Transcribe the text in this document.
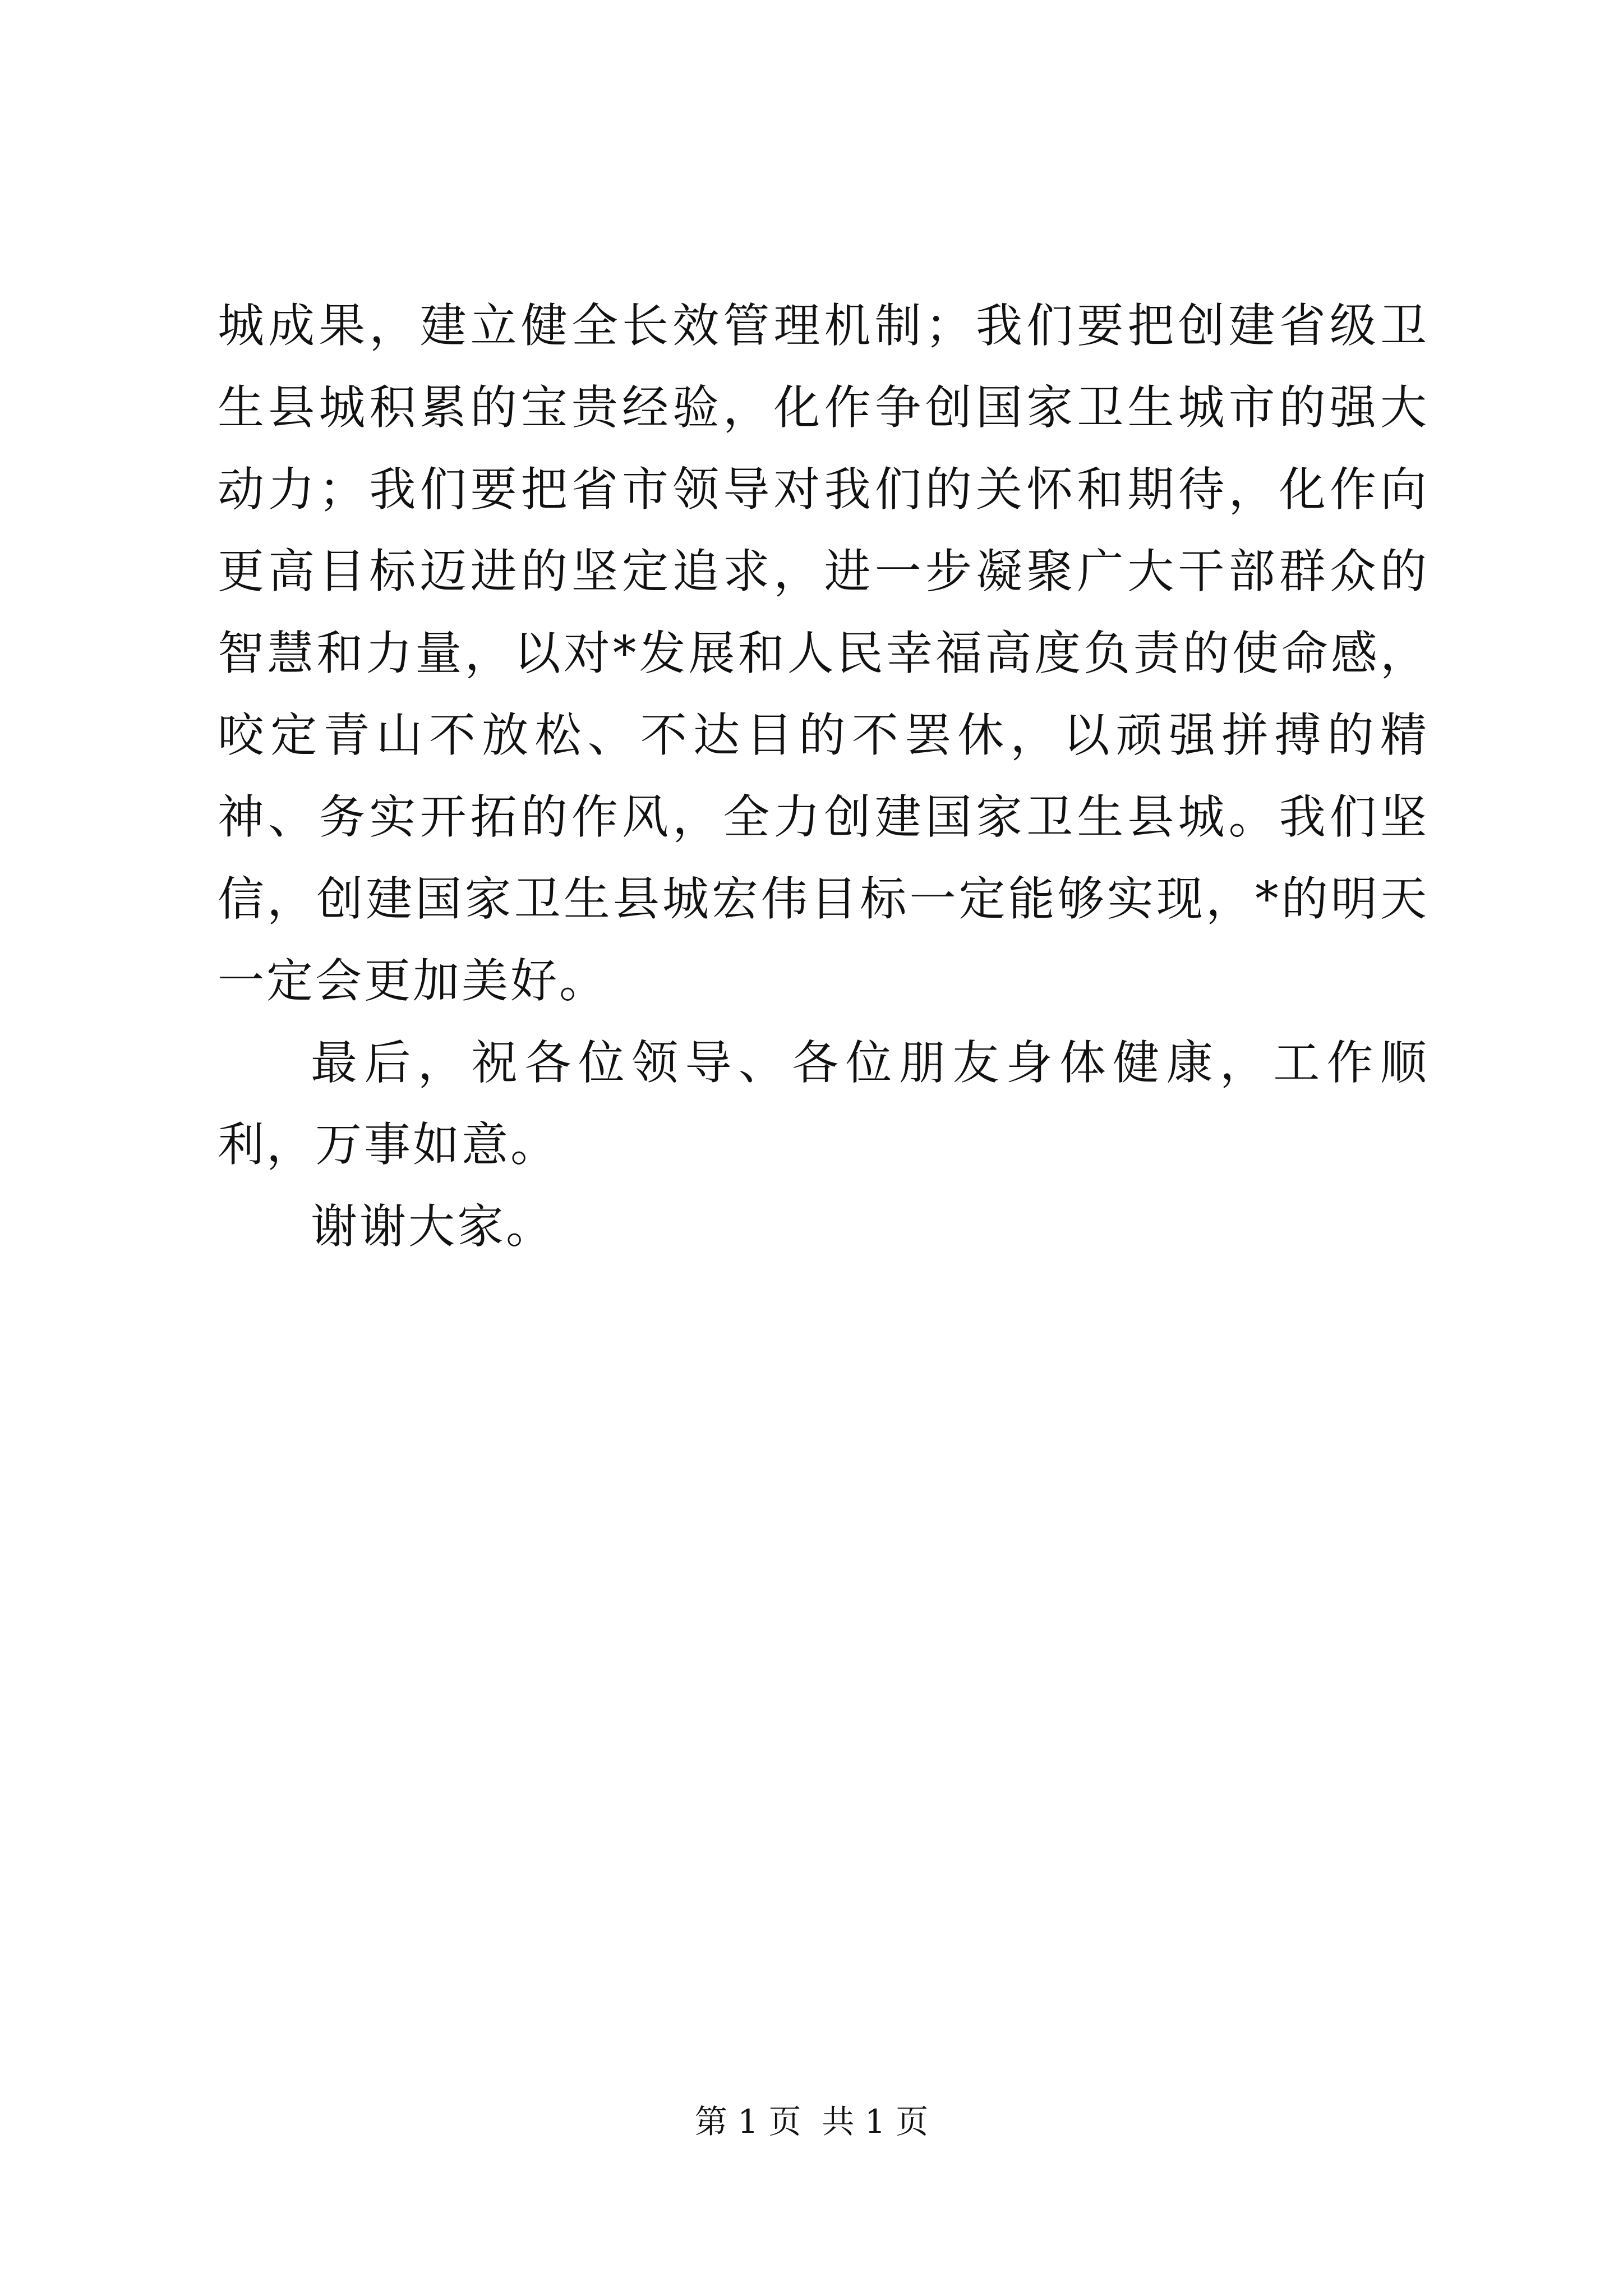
城成果，建立健全长效管理机制；我们要把创建省级卫生县城积累的宝贵经验，化作争创国家卫生城市的强大动力；我们要把省市领导对我们的关怀和期待，化作向更高目标迈进的坚定追求，进一步凝聚广大干部群众的智慧和力量，以对*发展和人民幸福高度负责的使命感，咬定青山不放松、不达目的不罢休，以顽强拼搏的精神、务实开拓的作风，全力创建国家卫生县城。我们坚信，创建国家卫生县城宏伟目标一定能够实现，*的明天一定会更加美好。

最后，祝各位领导、各位朋友身体健康，工作顺利，万事如意。

谢谢大家。

第 1 页 共 1 页
